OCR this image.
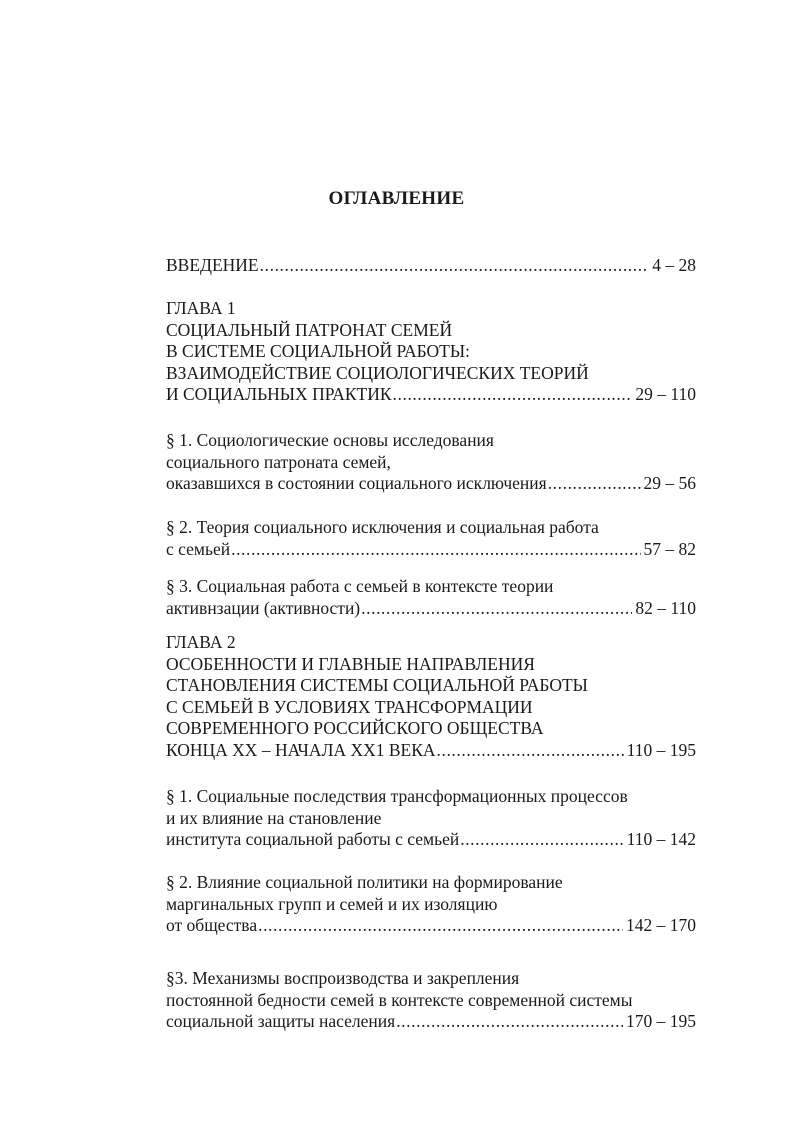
ОГЛАВЛЕНИЕ
ВВЕДЕНИЕ .....	4 – 28
ГЛАВА 1
СОЦИАЛЬНЫЙ ПАТРОНАТ СЕМЕЙ
В СИСТЕМЕ СОЦИАЛЬНОЙ РАБОТЫ:
ВЗАИМОДЕЙСТВИЕ СОЦИОЛОГИЧЕСКИХ ТЕОРИЙ
И СОЦИАЛЬНЫХ ПРАКТИК .....	29 – 110
§ 1. Социологические основы исследования
социального патроната семей,
оказавшихся в состоянии социального исключения .....	29 – 56
§ 2. Теория социального исключения и социальная работа
с семьей .....	57 – 82
§ 3. Социальная работа с семьей в контексте теории
активнзации (активности) .....	82 – 110
ГЛАВА 2
ОСОБЕННОСТИ И ГЛАВНЫЕ НАПРАВЛЕНИЯ
СТАНОВЛЕНИЯ СИСТЕМЫ СОЦИАЛЬНОЙ РАБОТЫ
С СЕМЬЕЙ В УСЛОВИЯХ ТРАНСФОРМАЦИИ
СОВРЕМЕННОГО РОССИЙСКОГО ОБЩЕСТВА
КОНЦА XX – НАЧАЛА XX1 ВЕКА .....	110 – 195
§ 1. Социальные последствия трансформационных процессов
и их влияние на становление
института социальной работы с семьей .....	110 – 142
§ 2. Влияние социальной политики на формирование
маргинальных групп и семей и их изоляцию
от общества .....	142 – 170
§3. Механизмы воспроизводства и закрепления
постоянной бедности семей в контексте современной системы
социальной защиты населения .....	170 – 195
